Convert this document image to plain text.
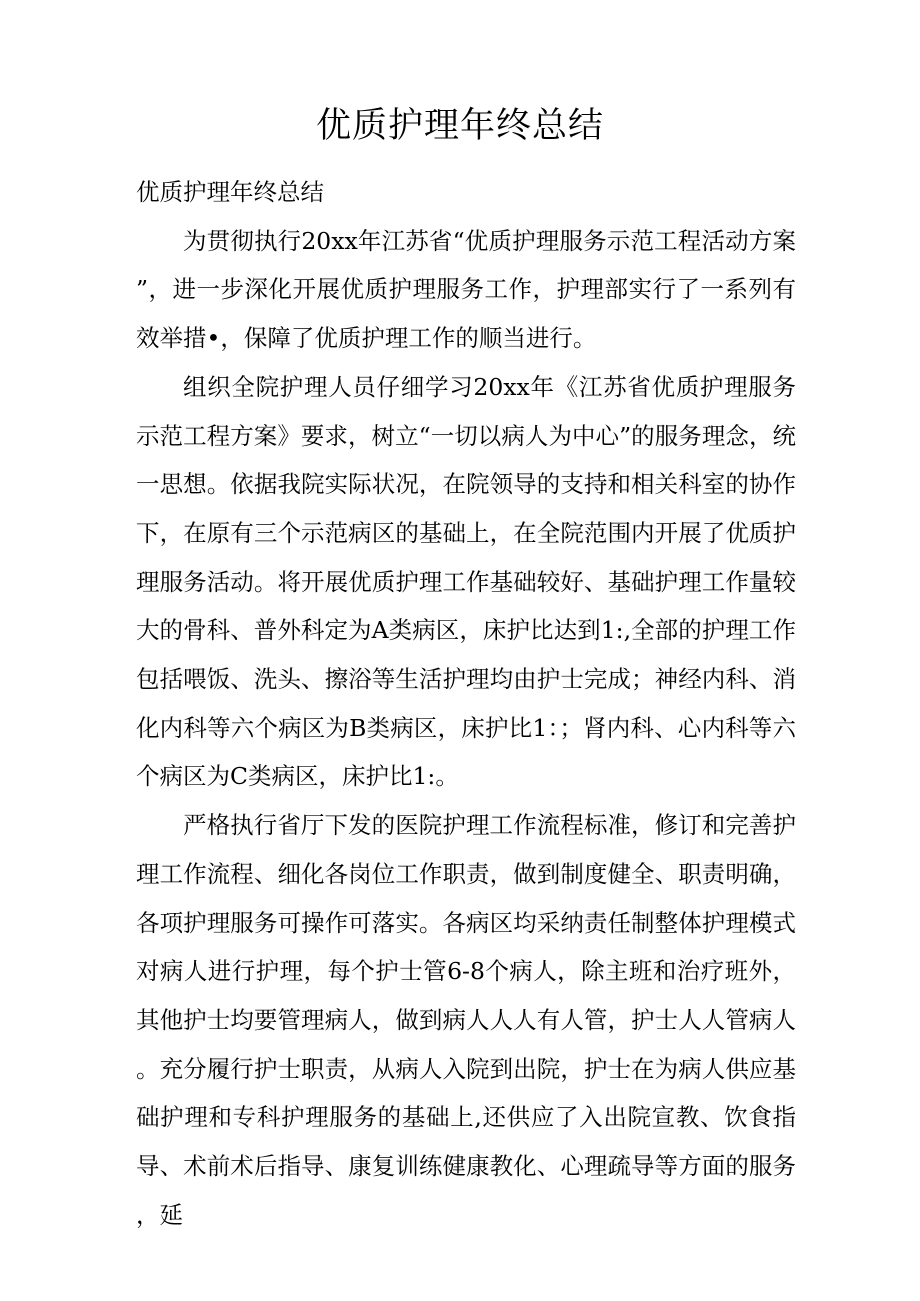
优质护理年终总结

优质护理年终总结

为贯彻执行20xx年江苏省“优质护理服务示范工程活动方案”，进一步深化开展优质护理服务工作，护理部实行了一系列有效举措•，保障了优质护理工作的顺当进行。

组织全院护理人员仔细学习20xx年《江苏省优质护理服务示范工程方案》要求，树立“一切以病人为中心”的服务理念，统一思想。依据我院实际状况，在院领导的支持和相关科室的协作下，在原有三个示范病区的基础上，在全院范围内开展了优质护理服务活动。将开展优质护理工作基础较好、基础护理工作量较大的骨科、普外科定为A类病区，床护比达到1:,全部的护理工作包括喂饭、洗头、擦浴等生活护理均由护士完成；神经内科、消化内科等六个病区为B类病区，床护比1：；肾内科、心内科等六个病区为C类病区，床护比1:。

严格执行省厅下发的医院护理工作流程标准，修订和完善护理工作流程、细化各岗位工作职责，做到制度健全、职责明确，各项护理服务可操作可落实。各病区均采纳责任制整体护理模式对病人进行护理，每个护士管6-8个病人，除主班和治疗班外，其他护士均要管理病人，做到病人人人有人管，护士人人管病人。充分履行护士职责，从病人入院到出院，护士在为病人供应基础护理和专科护理服务的基础上,还供应了入出院宣教、饮食指导、术前术后指导、康复训练健康教化、心理疏导等方面的服务，延
